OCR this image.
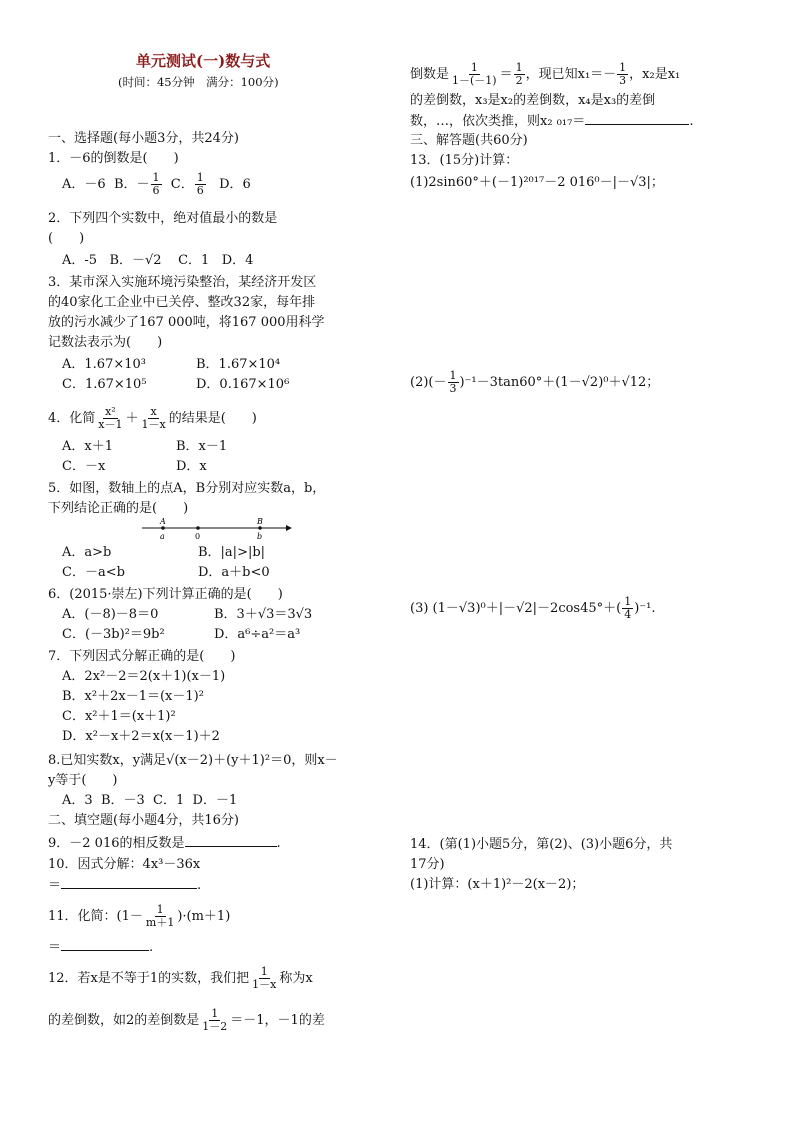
单元测试(一)数与式
(时间：45分钟　满分：100分)
一、选择题(每小题3分，共24分)
1．－6的倒数是(　　)
A．－6 B．－ $\frac{1}{6}$ C． $\frac{1}{6}$ D．6
2．下列四个实数中，绝对值最小的数是
(　　)
A．-5 B．－√2 C．1 D．4
3．某市深入实施环境污染整治，某经济开发区
的40家化工企业中已关停、整改32家，每年排
放的污水减少了167 000吨，将167 000用科学
记数法表示为(　　)
A．1.67×10³	B．1.67×10⁴
C．1.67×10⁵	D．0.167×10⁶
4．化简 $\frac{\text{x²}}{x-1} + \frac{x}{1-x}$ 的结果是(　　)
A．x＋1	B．x－1
C．－x	D．x
5．如图，数轴上的点A，B分别对应实数a，b，
下列结论正确的是(　　)
A
a	0
B
b
A．a>b	B．|a|>|b|
C．－a<b	D．a＋b<0
6．(2015·崇左)下列计算正确的是(　　)
A．(－8)－8＝0	B．3＋√3＝3√3
C．(－3b)²＝9b²	D．a⁶÷a²＝a³
7．下列因式分解正确的是(　　)
A．2x²－2＝2(x＋1)(x－1)
B．x²＋2x－1＝(x－1)²
C．x²＋1＝(x＋1)²
D．x²－x＋2＝x(x－1)＋2
8.已知实数x，y满足√(x－2)＋(y＋1)²＝0，则x－
y等于(　　)
A．3 B．－3 C．1 D．－1
二、填空题(每小题4分，共16分)
9．－2 016的相反数是	.
10．因式分解：4x³－36x
＝	.
11．化简：$(1- \frac{1}{m+1} )\cdot(m+1)$
＝	.
12．若x是不等于1的实数，我们把 $\frac{1}{1-x}$ 称为x
的差倒数，如2的差倒数是 $\frac{1}{1-2} =-1$，－1的差
倒数是 $\frac{1}{1-(-1)} = \frac{1}{2}$ ，现已知$x_1=- \frac{1}{3}$ ，x₂是x₁
的差倒数，x₃是x₂的差倒数，x₄是x₃的差倒
数，…，依次类推，则x₂ ₀₁₇＝	.
三、解答题(共60分)
13．(15分)计算：
(1)2sin60°＋(－1)²⁰¹⁷－2 016⁰－|－√3|；
$(2)(- \frac{1}{3} )^{-1}-3\tan 60^\circ+(1-√2)^0+√12$；
(3) $(1-√3)^0+|-√2|-2\cos 45^\circ+( \frac{1}{4} )^{-1}$.
14．(第(1)小题5分，第(2)、(3)小题6分，共
17分)
(1)计算：(x＋1)²－2(x－2)；
